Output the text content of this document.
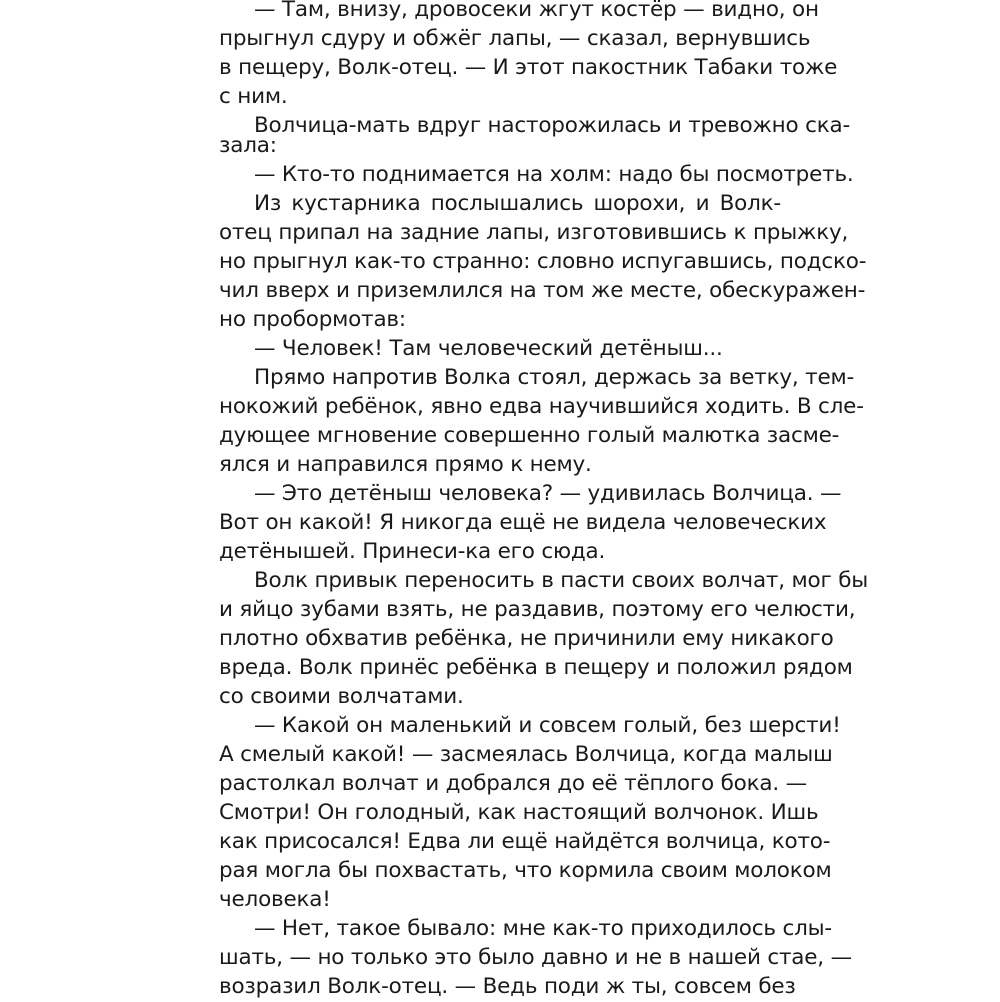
— Там, внизу, дровосеки жгут костёр — видно, он
прыгнул сдуру и обжёг лапы, — сказал, вернувшись
в пещеру, Волк-отец. — И этот пакостник Табаки тоже
с ним.
Волчица-мать вдруг насторожилась и тревожно ска-
зала:
— Кто-то поднимается на холм: надо бы посмотреть.
Из кустарника послышались шорохи, и Волк-
отец припал на задние лапы, изготовившись к прыжку,
но прыгнул как-то странно: словно испугавшись, подско-
чил вверх и приземлился на том же месте, обескуражен-
но пробормотав:
— Человек! Там человеческий детёныш...
Прямо напротив Волка стоял, держась за ветку, тем-
нокожий ребёнок, явно едва научившийся ходить. В сле-
дующее мгновение совершенно голый малютка засме-
ялся и направился прямо к нему.
— Это детёныш человека? — удивилась Волчица. —
Вот он какой! Я никогда ещё не видела человеческих
детёнышей. Принеси-ка его сюда.
Волк привык переносить в пасти своих волчат, мог бы
и яйцо зубами взять, не раздавив, поэтому его челюсти,
плотно обхватив ребёнка, не причинили ему никакого
вреда. Волк принёс ребёнка в пещеру и положил рядом
со своими волчатами.
— Какой он маленький и совсем голый, без шерсти!
А смелый какой! — засмеялась Волчица, когда малыш
растолкал волчат и добрался до её тёплого бока. —
Смотри! Он голодный, как настоящий волчонок. Ишь
как присосался! Едва ли ещё найдётся волчица, кото-
рая могла бы похвастать, что кормила своим молоком
человека!
— Нет, такое бывало: мне как-то приходилось слы-
шать, — но только это было давно и не в нашей стае, —
возразил Волк-отец. — Ведь поди ж ты, совсем без
